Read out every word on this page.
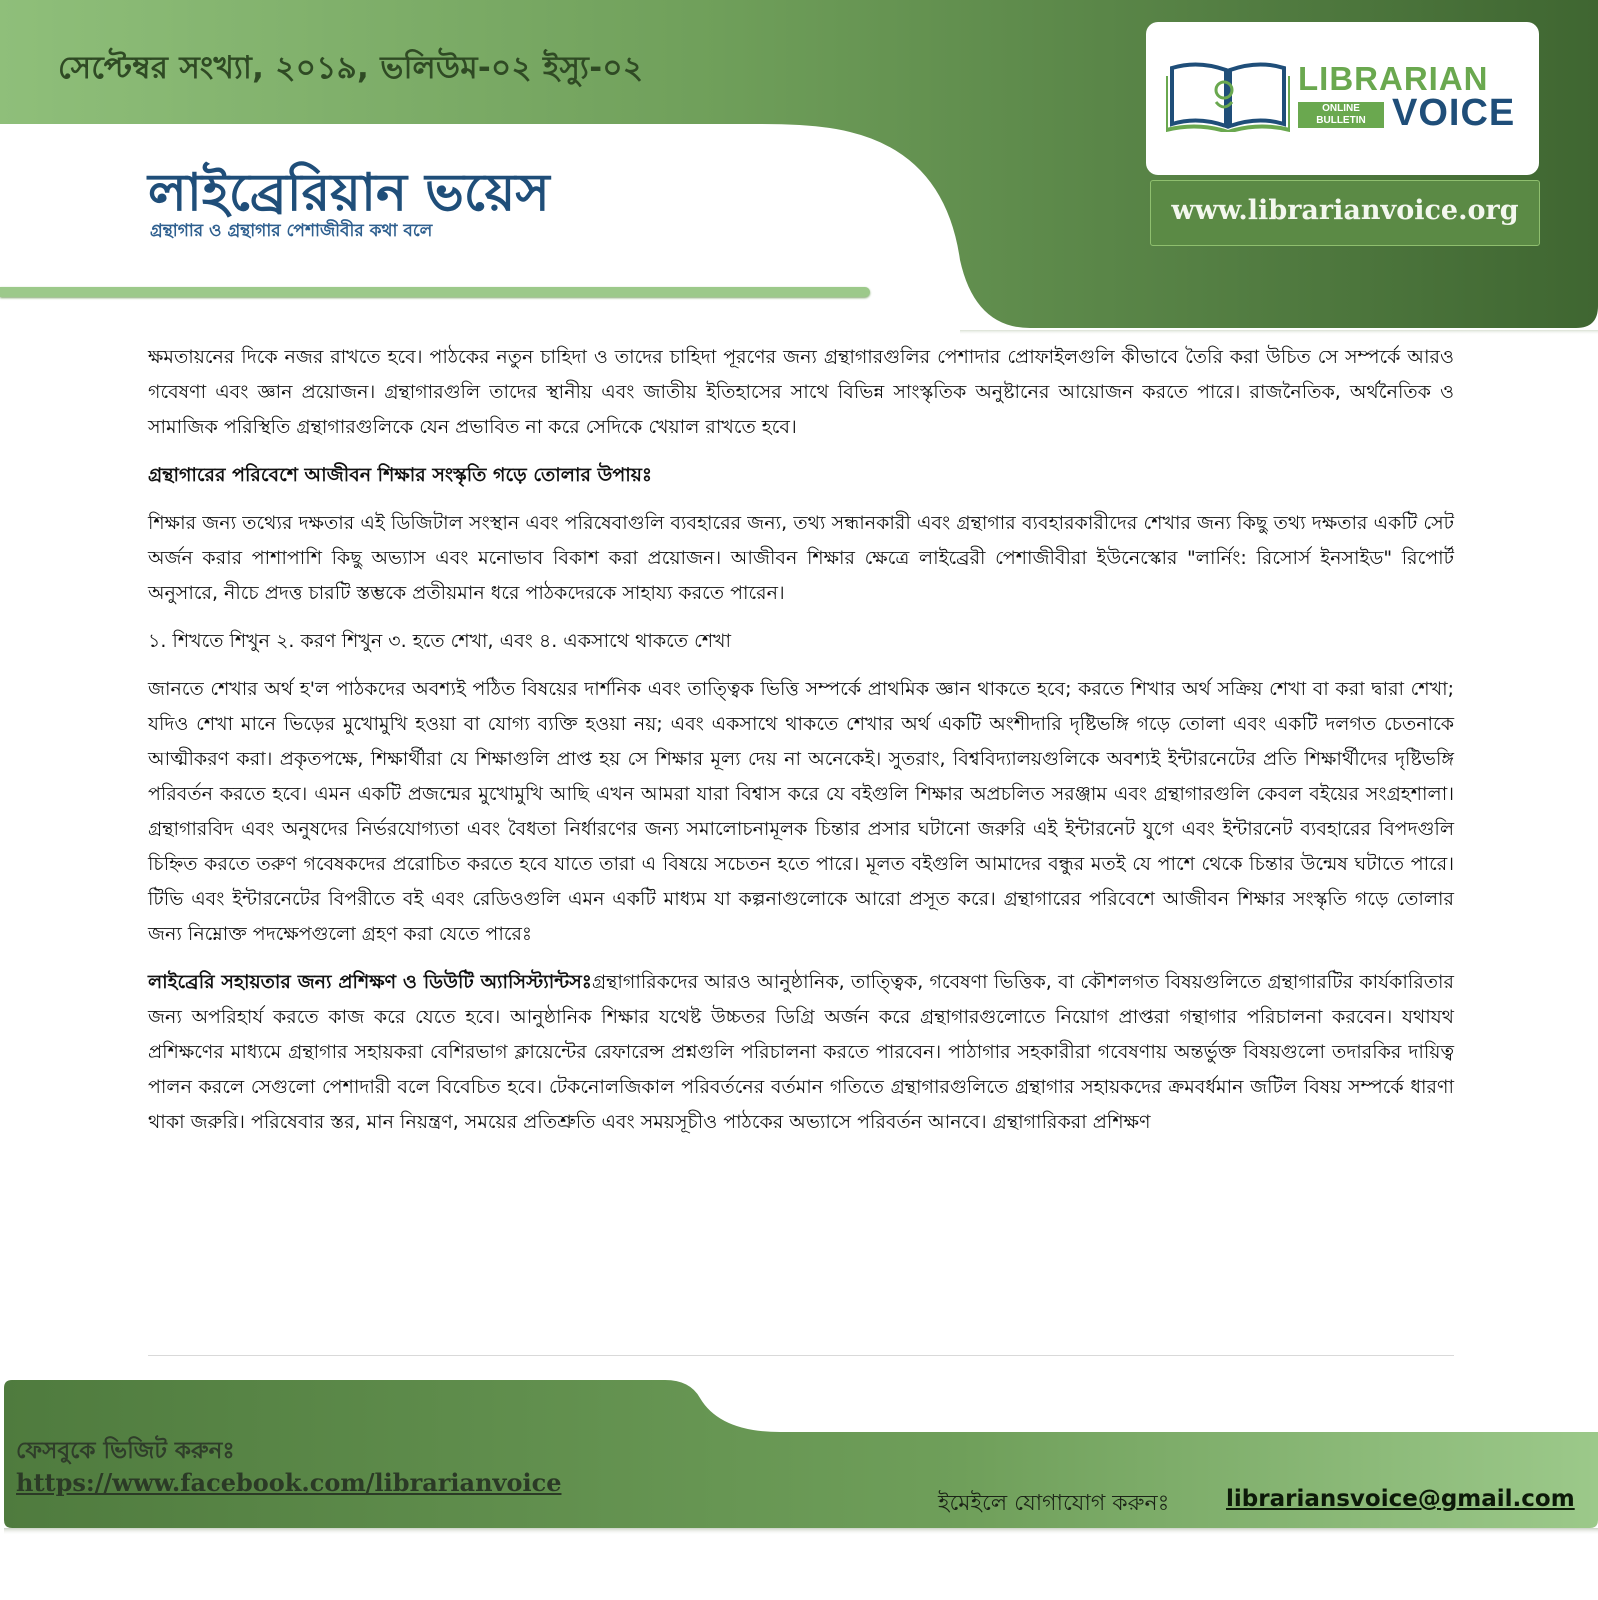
সেপ্টেম্বর সংখ্যা, ২০১৯, ভলিউম-০২ ইস্যু-০২
লাইব্রেরিয়ান ভয়েস
গ্রন্থাগার ও গ্রন্থাগার পেশাজীবীর কথা বলে
LIBRARIAN
ONLINE
BULLETIN VOICE
www.librarianvoice.org

ক্ষমতায়নের দিকে নজর রাখতে হবে। পাঠকের নতুন চাহিদা ও তাদের চাহিদা পূরণের জন্য গ্রন্থাগারগুলির পেশাদার প্রোফাইলগুলি কীভাবে তৈরি করা উচিত সে সম্পর্কে আরও গবেষণা এবং জ্ঞান প্রয়োজন। গ্রন্থাগারগুলি তাদের স্থানীয় এবং জাতীয় ইতিহাসের সাথে বিভিন্ন সাংস্কৃতিক অনুষ্টানের আয়োজন করতে পারে। রাজনৈতিক, অর্থনৈতিক ও সামাজিক পরিস্থিতি গ্রন্থাগারগুলিকে যেন প্রভাবিত না করে সেদিকে খেয়াল রাখতে হবে।

গ্রন্থাগারের পরিবেশে আজীবন শিক্ষার সংস্কৃতি গড়ে তোলার উপায়ঃ

শিক্ষার জন্য তথ্যের দক্ষতার এই ডিজিটাল সংস্থান এবং পরিষেবাগুলি ব্যবহারের জন্য, তথ্য সন্ধানকারী এবং গ্রন্থাগার ব্যবহারকারীদের শেখার জন্য কিছু তথ্য দক্ষতার একটি সেট অর্জন করার পাশাপাশি কিছু অভ্যাস এবং মনোভাব বিকাশ করা প্রয়োজন। আজীবন শিক্ষার ক্ষেত্রে লাইব্রেরী পেশাজীবীরা ইউনেস্কোর "লার্নিং: রিসোর্স ইনসাইড" রিপোর্ট অনুসারে, নীচে প্রদত্ত চারটি স্তম্ভকে প্রতীয়মান ধরে পাঠকদেরকে সাহায্য করতে পারেন।

১. শিখতে শিখুন ২. করণ শিখুন ৩. হতে শেখা, এবং ৪. একসাথে থাকতে শেখা

জানতে শেখার অর্থ হ'ল পাঠকদের অবশ্যই পঠিত বিষয়ের দার্শনিক এবং তাত্ত্বিক ভিত্তি সম্পর্কে প্রাথমিক জ্ঞান থাকতে হবে; করতে শিখার অর্থ সক্রিয় শেখা বা করা দ্বারা শেখা; যদিও শেখা মানে ভিড়ের মুখোমুখি হওয়া বা যোগ্য ব্যক্তি হওয়া নয়; এবং একসাথে থাকতে শেখার অর্থ একটি অংশীদারি দৃষ্টিভঙ্গি গড়ে তোলা এবং একটি দলগত চেতনাকে আত্মীকরণ করা। প্রকৃতপক্ষে, শিক্ষার্থীরা যে শিক্ষাগুলি প্রাপ্ত হয় সে শিক্ষার মূল্য দেয় না অনেকেই। সুতরাং, বিশ্ববিদ্যালয়গুলিকে অবশ্যই ইন্টারনেটের প্রতি শিক্ষার্থীদের দৃষ্টিভঙ্গি পরিবর্তন করতে হবে। এমন একটি প্রজন্মের মুখোমুখি আছি এখন আমরা যারা বিশ্বাস করে যে বইগুলি শিক্ষার অপ্রচলিত সরঞ্জাম এবং গ্রন্থাগারগুলি কেবল বইয়ের সংগ্রহশালা। গ্রন্থাগারবিদ এবং অনুষদের নির্ভরযোগ্যতা এবং বৈধতা নির্ধারণের জন্য সমালোচনামূলক চিন্তার প্রসার ঘটানো জরুরি এই ইন্টারনেট যুগে এবং ইন্টারনেট ব্যবহারের বিপদগুলি চিহ্নিত করতে তরুণ গবেষকদের প্ররোচিত করতে হবে যাতে তারা এ বিষয়ে সচেতন হতে পারে। মূলত বইগুলি আমাদের বন্ধুর মতই যে পাশে থেকে চিন্তার উন্মেষ ঘটাতে পারে। টিভি এবং ইন্টারনেটের বিপরীতে বই এবং রেডিওগুলি এমন একটি মাধ্যম যা কল্পনাগুলোকে আরো প্রসূত করে। গ্রন্থাগারের পরিবেশে আজীবন শিক্ষার সংস্কৃতি গড়ে তোলার জন্য নিম্নোক্ত পদক্ষেপগুলো গ্রহণ করা যেতে পারেঃ

লাইব্রেরি সহায়তার জন্য প্রশিক্ষণ ও ডিউটি অ্যাসিস্ট্যান্টসঃগ্রন্থাগারিকদের আরও আনুষ্ঠানিক, তাত্ত্বিক, গবেষণা ভিত্তিক, বা কৌশলগত বিষয়গুলিতে গ্রন্থাগারটির কার্যকারিতার জন্য অপরিহার্য করতে কাজ করে যেতে হবে। আনুষ্ঠানিক শিক্ষার যথেষ্ট উচ্চতর ডিগ্রি অর্জন করে গ্রন্থাগারগুলোতে নিয়োগ প্রাপ্তরা গন্থাগার পরিচালনা করবেন। যথাযথ প্রশিক্ষণের মাধ্যমে গ্রন্থাগার সহায়করা বেশিরভাগ ক্লায়েন্টের রেফারেন্স প্রশ্নগুলি পরিচালনা করতে পারবেন। পাঠাগার সহকারীরা গবেষণায় অন্তর্ভুক্ত বিষয়গুলো তদারকির দায়িত্ব পালন করলে সেগুলো পেশাদারী বলে বিবেচিত হবে। টেকনোলজিকাল পরিবর্তনের বর্তমান গতিতে গ্রন্থাগারগুলিতে গ্রন্থাগার সহায়কদের ক্রমবর্ধমান জটিল বিষয় সম্পর্কে ধারণা থাকা জরুরি। পরিষেবার স্তর, মান নিয়ন্ত্রণ, সময়ের প্রতিশ্রুতি এবং সময়সূচীও পাঠকের অভ্যাসে পরিবর্তন আনবে। গ্রন্থাগারিকরা প্রশিক্ষণ

ফেসবুকে ভিজিট করুনঃ
https://www.facebook.com/librarianvoice
ইমেইলে যোগাযোগ করুনঃ librariansvoice@gmail.com
